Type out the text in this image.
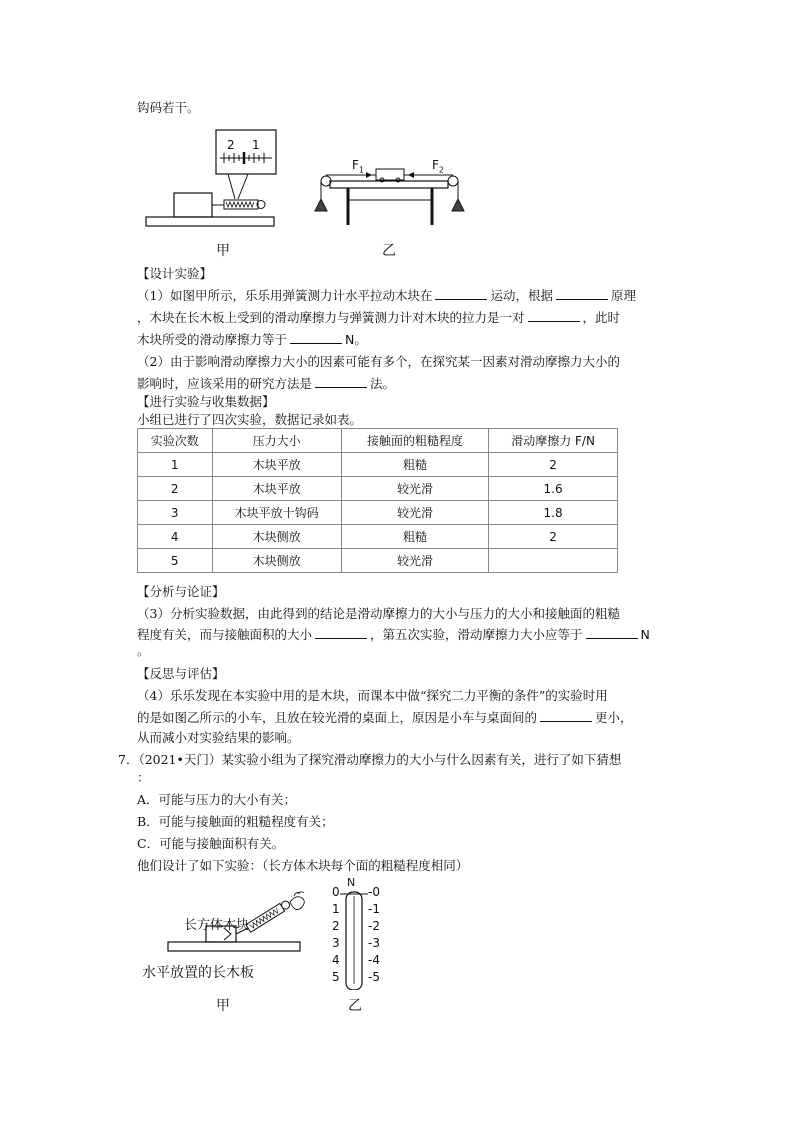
钩码若干。
2 1
$F_1$	$F_2$
甲	乙
【设计实验】
（1）如图甲所示，乐乐用弹簧测力计水平拉动木块在	运动，根据	原理
，木块在长木板上受到的滑动摩擦力与弹簧测力计对木块的拉力是一对	，此时
木块所受的滑动摩擦力等于	N。
（2）由于影响滑动摩擦力大小的因素可能有多个，在探究某一因素对滑动摩擦力大小的
影响时，应该采用的研究方法是	法。
【进行实验与收集数据】
小组已进行了四次实验，数据记录如表。
实验次数	压力大小	接触面的粗糙程度	滑动摩擦力 F/N
1	木块平放	粗糙	2
2	木块平放	较光滑	1.6
3	木块平放十钩码	较光滑	1.8
4	木块侧放	粗糙	2
5	木块侧放	较光滑	
【分析与论证】
（3）分析实验数据，由此得到的结论是滑动摩擦力的大小与压力的大小和接触面的粗糙
程度有关，而与接触面积的大小	，第五次实验，滑动摩擦力大小应等于	N
。
【反思与评估】
（4）乐乐发现在本实验中用的是木块，而课本中做“探究二力平衡的条件”的实验时用
的是如图乙所示的小车，且放在较光滑的桌面上，原因是小车与桌面间的	更小，
从而减小对实验结果的影响。
7．（2021•天门）某实验小组为了探究滑动摩擦力的大小与什么因素有关，进行了如下猜想
：
A．可能与压力的大小有关；
B．可能与接触面的粗糙程度有关；
C．可能与接触面积有关。
他们设计了如下实验：（长方体木块每个面的粗糙程度相同）
长方体木块
水平放置的长木板
甲	乙
N
0
1
2
3
4
5
-0
-1
-2
-3
-4
-5
